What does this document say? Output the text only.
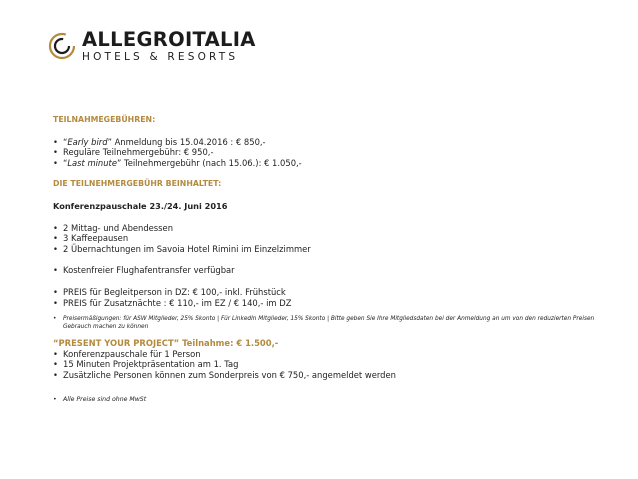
ALLEGROITALIA
HOTELS & RESORTS
TEILNAHMEGEBÜHREN:
• “Early bird” Anmeldung bis 15.04.2016 : € 850,-
• Reguläre Teilnehmergebühr: € 950,-
• “Last minute” Teilnehmergebühr (nach 15.06.): € 1.050,-
DIE TEILNEHMERGEBÜHR BEINHALTET:
Konferenzpauschale 23./24. Juni 2016
• 2 Mittag- und Abendessen
• 3 Kaffeepausen
• 2 Übernachtungen im Savoia Hotel Rimini im Einzelzimmer
• Kostenfreier Flughafentransfer verfügbar
• PREIS für Begleitperson in DZ: € 100,- inkl. Frühstück
• PREIS für Zusatznächte : € 110,- im EZ / € 140,- im DZ
• Preisermäßigungen: für ASW Mitglieder, 25% Skonto | Für LinkedIn Mitglieder, 15% Skonto | Bitte geben Sie Ihre Mitgliedsdaten bei der Anmeldung an um von den reduzierten Preisen Gebrauch machen zu können
“PRESENT YOUR PROJECT” Teilnahme: € 1.500,-
• Konferenzpauschale für 1 Person
• 15 Minuten Projektpräsentation am 1. Tag
• Zusätzliche Personen können zum Sonderpreis von € 750,- angemeldet werden
• Alle Preise sind ohne MwSt
